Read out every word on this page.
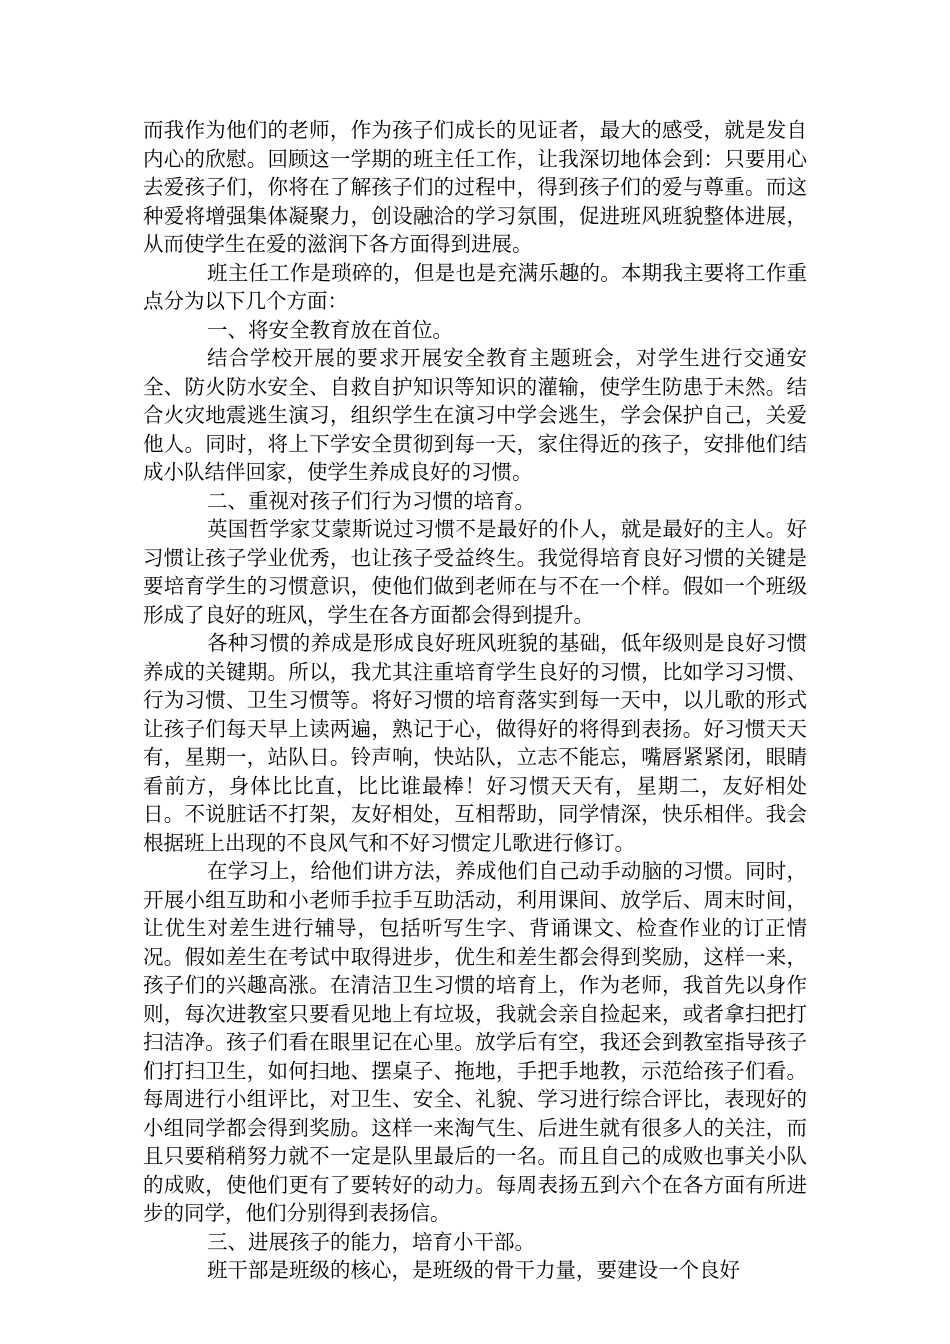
而我作为他们的老师，作为孩子们成长的见证者，最大的感受，就是发自内心的欣慰。回顾这一学期的班主任工作，让我深切地体会到：只要用心去爱孩子们，你将在了解孩子们的过程中，得到孩子们的爱与尊重。而这种爱将增强集体凝聚力，创设融洽的学习氛围，促进班风班貌整体进展，从而使学生在爱的滋润下各方面得到进展。

班主任工作是琐碎的，但是也是充满乐趣的。本期我主要将工作重点分为以下几个方面：

一、将安全教育放在首位。

结合学校开展的要求开展安全教育主题班会，对学生进行交通安全、防火防水安全、自救自护知识等知识的灌输，使学生防患于未然。结合火灾地震逃生演习，组织学生在演习中学会逃生，学会保护自己，关爱他人。同时，将上下学安全贯彻到每一天，家住得近的孩子，安排他们结成小队结伴回家，使学生养成良好的习惯。

二、重视对孩子们行为习惯的培育。

英国哲学家艾蒙斯说过习惯不是最好的仆人，就是最好的主人。好习惯让孩子学业优秀，也让孩子受益终生。我觉得培育良好习惯的关键是要培育学生的习惯意识，使他们做到老师在与不在一个样。假如一个班级形成了良好的班风，学生在各方面都会得到提升。

各种习惯的养成是形成良好班风班貌的基础，低年级则是良好习惯养成的关键期。所以，我尤其注重培育学生良好的习惯，比如学习习惯、行为习惯、卫生习惯等。将好习惯的培育落实到每一天中，以儿歌的形式让孩子们每天早上读两遍，熟记于心，做得好的将得到表扬。好习惯天天有，星期一，站队日。铃声响，快站队，立志不能忘，嘴唇紧紧闭，眼睛看前方，身体比比直，比比谁最棒！好习惯天天有，星期二，友好相处日。不说脏话不打架，友好相处，互相帮助，同学情深，快乐相伴。我会根据班上出现的不良风气和不好习惯定儿歌进行修订。

在学习上，给他们讲方法，养成他们自己动手动脑的习惯。同时，开展小组互助和小老师手拉手互助活动，利用课间、放学后、周末时间，让优生对差生进行辅导，包括听写生字、背诵课文、检查作业的订正情况。假如差生在考试中取得进步，优生和差生都会得到奖励，这样一来，孩子们的兴趣高涨。在清洁卫生习惯的培育上，作为老师，我首先以身作则，每次进教室只要看见地上有垃圾，我就会亲自捡起来，或者拿扫把打扫洁净。孩子们看在眼里记在心里。放学后有空，我还会到教室指导孩子们打扫卫生，如何扫地、摆桌子、拖地，手把手地教，示范给孩子们看。每周进行小组评比，对卫生、安全、礼貌、学习进行综合评比，表现好的小组同学都会得到奖励。这样一来淘气生、后进生就有很多人的关注，而且只要稍稍努力就不一定是队里最后的一名。而且自己的成败也事关小队的成败，使他们更有了要转好的动力。每周表扬五到六个在各方面有所进步的同学，他们分别得到表扬信。

三、进展孩子的能力，培育小干部。

班干部是班级的核心，是班级的骨干力量，要建设一个良好
